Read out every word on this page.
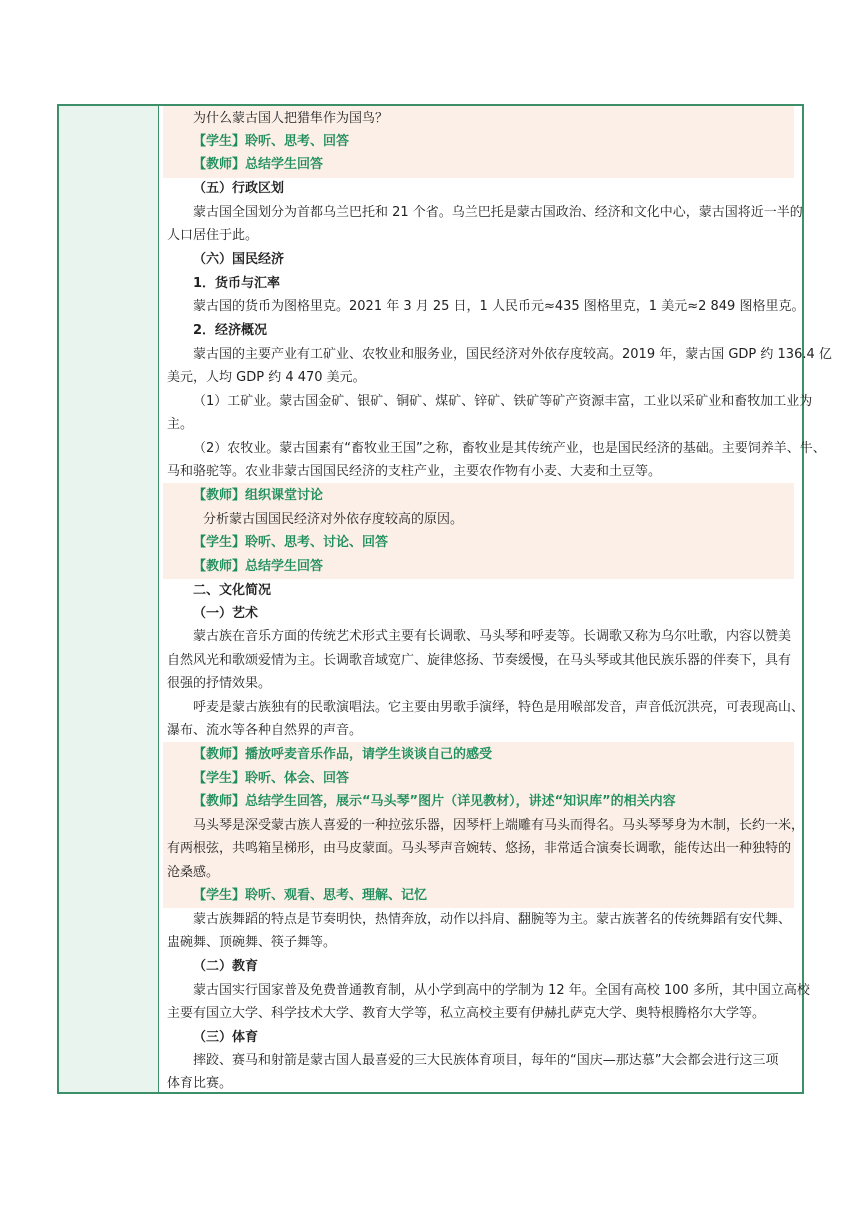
为什么蒙古国人把猎隼作为国鸟？
【学生】聆听、思考、回答
【教师】总结学生回答
（五）行政区划
蒙古国全国划分为首都乌兰巴托和 21 个省。乌兰巴托是蒙古国政治、经济和文化中心，蒙古国将近一半的
人口居住于此。
（六）国民经济
1．货币与汇率
蒙古国的货币为图格里克。2021 年 3 月 25 日，1 人民币元≈435 图格里克，1 美元≈2 849 图格里克。
2．经济概况
蒙古国的主要产业有工矿业、农牧业和服务业，国民经济对外依存度较高。2019 年，蒙古国 GDP 约 136.4 亿
美元，人均 GDP 约 4 470 美元。
（1）工矿业。蒙古国金矿、银矿、铜矿、煤矿、锌矿、铁矿等矿产资源丰富，工业以采矿业和畜牧加工业为
主。
（2）农牧业。蒙古国素有“畜牧业王国”之称，畜牧业是其传统产业，也是国民经济的基础。主要饲养羊、牛、
马和骆驼等。农业非蒙古国国民经济的支柱产业，主要农作物有小麦、大麦和土豆等。
【教师】组织课堂讨论
分析蒙古国国民经济对外依存度较高的原因。
【学生】聆听、思考、讨论、回答
【教师】总结学生回答
二、文化简况
（一）艺术
蒙古族在音乐方面的传统艺术形式主要有长调歌、马头琴和呼麦等。长调歌又称为乌尔吐歌，内容以赞美
自然风光和歌颂爱情为主。长调歌音域宽广、旋律悠扬、节奏缓慢，在马头琴或其他民族乐器的伴奏下，具有
很强的抒情效果。
呼麦是蒙古族独有的民歌演唱法。它主要由男歌手演绎，特色是用喉部发音，声音低沉洪亮，可表现高山、
瀑布、流水等各种自然界的声音。
【教师】播放呼麦音乐作品，请学生谈谈自己的感受
【学生】聆听、体会、回答
【教师】总结学生回答，展示“马头琴”图片（详见教材），讲述“知识库”的相关内容
马头琴是深受蒙古族人喜爱的一种拉弦乐器，因琴杆上端雕有马头而得名。马头琴琴身为木制，长约一米，
有两根弦，共鸣箱呈梯形，由马皮蒙面。马头琴声音婉转、悠扬，非常适合演奏长调歌，能传达出一种独特的
沧桑感。
【学生】聆听、观看、思考、理解、记忆
蒙古族舞蹈的特点是节奏明快，热情奔放，动作以抖肩、翻腕等为主。蒙古族著名的传统舞蹈有安代舞、
盅碗舞、顶碗舞、筷子舞等。
（二）教育
蒙古国实行国家普及免费普通教育制，从小学到高中的学制为 12 年。全国有高校 100 多所，其中国立高校
主要有国立大学、科学技术大学、教育大学等，私立高校主要有伊赫扎萨克大学、奥特根腾格尔大学等。
（三）体育
摔跤、赛马和射箭是蒙古国人最喜爱的三大民族体育项目，每年的“国庆—那达慕”大会都会进行这三项
体育比赛。
